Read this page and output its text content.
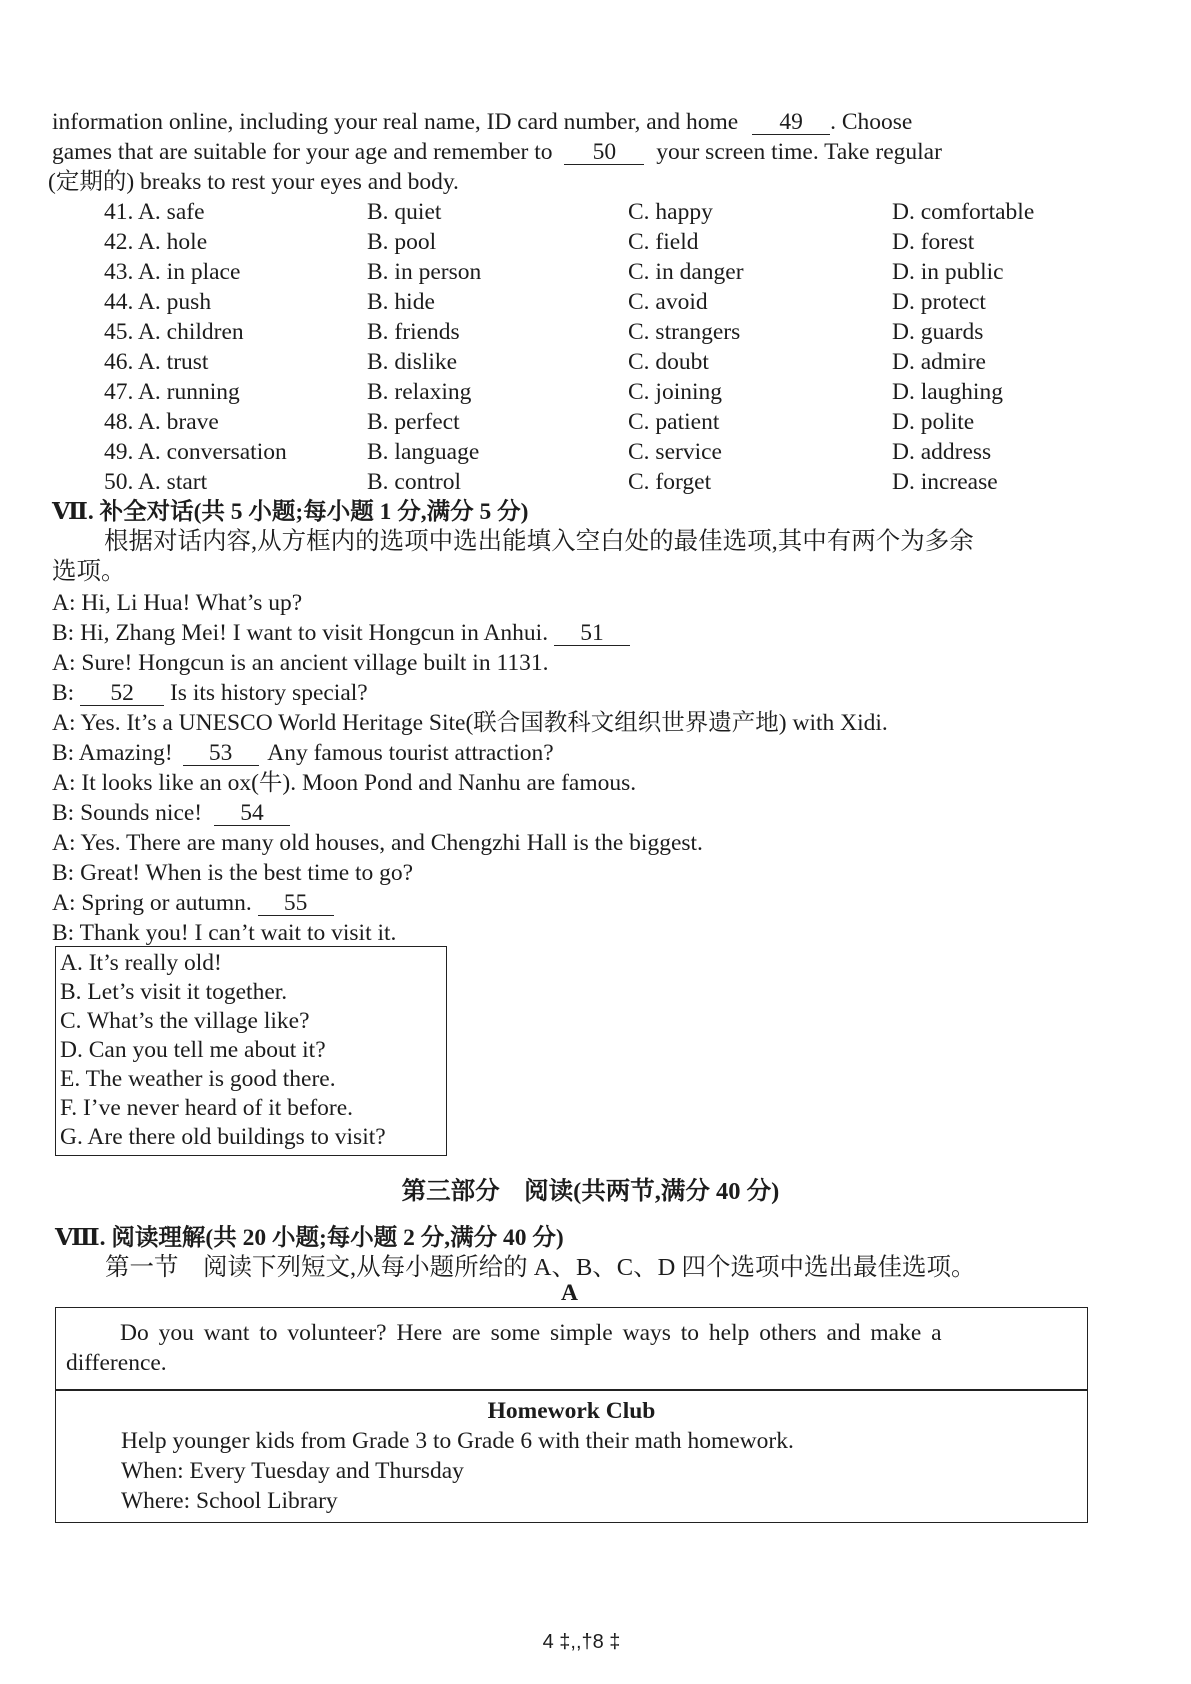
information online, including your real name, ID card number, and home 49 . Choose
games that are suitable for your age and remember to 50 your screen time. Take regular
(定期的) breaks to rest your eyes and body.
41. A. safe	B. quiet	C. happy	D. comfortable
42. A. hole	B. pool	C. field	D. forest
43. A. in place	B. in person	C. in danger	D. in public
44. A. push	B. hide	C. avoid	D. protect
45. A. children	B. friends	C. strangers	D. guards
46. A. trust	B. dislike	C. doubt	D. admire
47. A. running	B. relaxing	C. joining	D. laughing
48. A. brave	B. perfect	C. patient	D. polite
49. A. conversation	B. language	C. service	D. address
50. A. start	B. control	C. forget	D. increase
Ⅶ. 补全对话(共 5 小题;每小题 1 分,满分 5 分)
根据对话内容,从方框内的选项中选出能填入空白处的最佳选项,其中有两个为多余
选项。
A: Hi, Li Hua! What’s up?
B: Hi, Zhang Mei! I want to visit Hongcun in Anhui. 51
A: Sure! Hongcun is an ancient village built in 1131.
B: 52 Is its history special?
A: Yes. It’s a UNESCO World Heritage Site(联合国教科文组织世界遗产地) with Xidi.
B: Amazing! 53 Any famous tourist attraction?
A: It looks like an ox(牛). Moon Pond and Nanhu are famous.
B: Sounds nice! 54
A: Yes. There are many old houses, and Chengzhi Hall is the biggest.
B: Great! When is the best time to go?
A: Spring or autumn. 55
B: Thank you! I can’t wait to visit it.
A. It’s really old!
B. Let’s visit it together.
C. What’s the village like?
D. Can you tell me about it?
E. The weather is good there.
F. I’ve never heard of it before.
G. Are there old buildings to visit?
第三部分　阅读(共两节,满分 40 分)
Ⅷ. 阅读理解(共 20 小题;每小题 2 分,满分 40 分)
第一节　阅读下列短文,从每小题所给的 A、B、C、D 四个选项中选出最佳选项。
A
Do you want to volunteer? Here are some simple ways to help others and make a
difference.
Homework Club
Help younger kids from Grade 3 to Grade 6 with their math homework.
When: Every Tuesday and Thursday
Where: School Library
4 ‡,,†8 ‡
